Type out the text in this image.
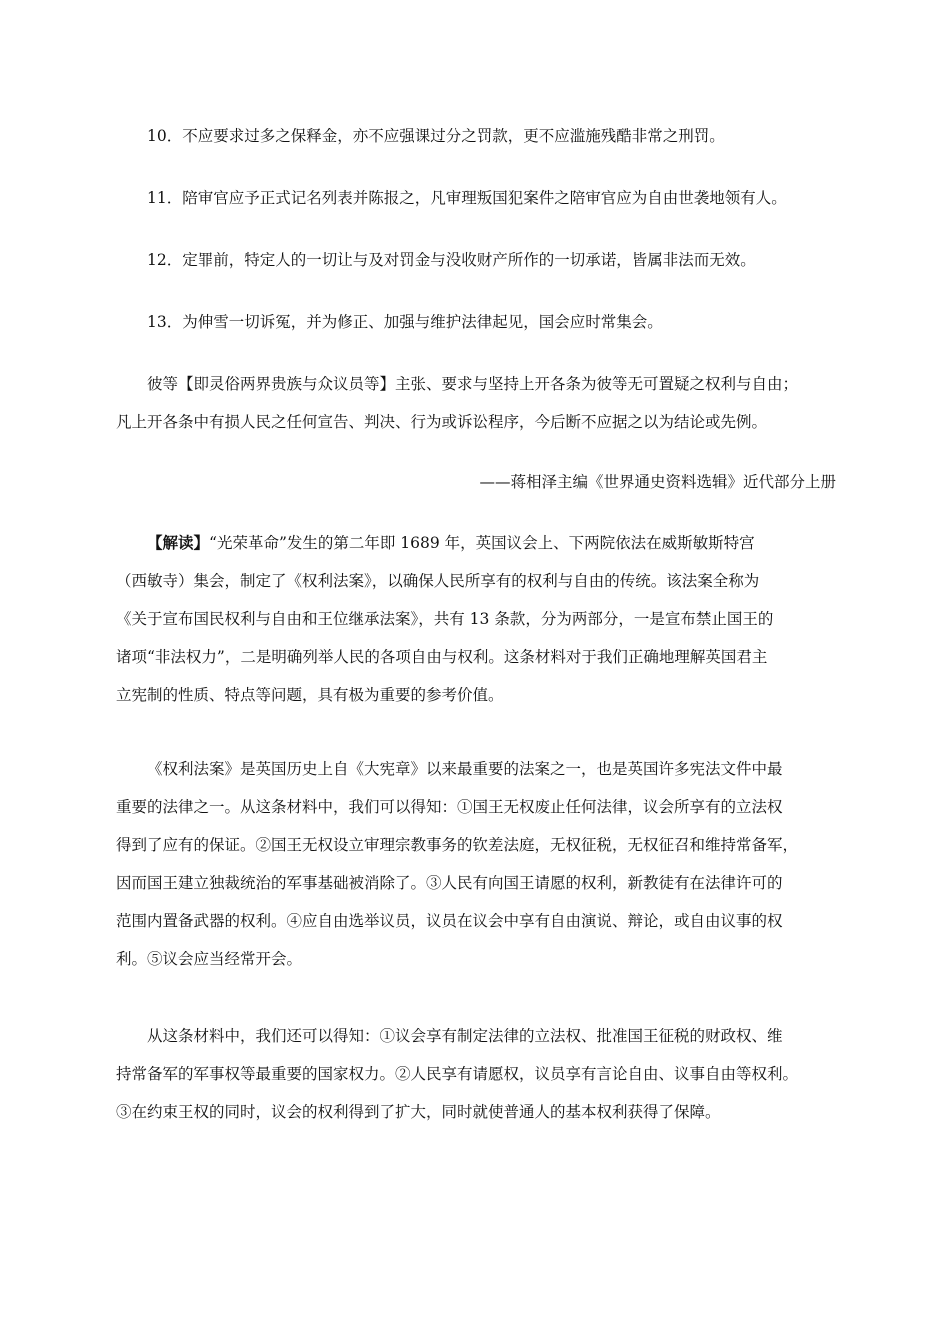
10．不应要求过多之保释金，亦不应强课过分之罚款，更不应滥施残酷非常之刑罚。

11．陪审官应予正式记名列表并陈报之，凡审理叛国犯案件之陪审官应为自由世袭地领有人。

12．定罪前，特定人的一切让与及对罚金与没收财产所作的一切承诺，皆属非法而无效。

13．为伸雪一切诉冤，并为修正、加强与维护法律起见，国会应时常集会。

彼等【即灵俗两界贵族与众议员等】主张、要求与坚持上开各条为彼等无可置疑之权利与自由；
凡上开各条中有损人民之任何宣告、判决、行为或诉讼程序，今后断不应据之以为结论或先例。

——蒋相泽主编《世界通史资料选辑》近代部分上册

【解读】“光荣革命”发生的第二年即 1689 年，英国议会上、下两院依法在威斯敏斯特宫
（西敏寺）集会，制定了《权利法案》，以确保人民所享有的权利与自由的传统。该法案全称为
《关于宣布国民权利与自由和王位继承法案》，共有 13 条款，分为两部分，一是宣布禁止国王的
诸项“非法权力”，二是明确列举人民的各项自由与权利。这条材料对于我们正确地理解英国君主
立宪制的性质、特点等问题，具有极为重要的参考价值。
《权利法案》是英国历史上自《大宪章》以来最重要的法案之一，也是英国许多宪法文件中最
重要的法律之一。从这条材料中，我们可以得知：①国王无权废止任何法律，议会所享有的立法权
得到了应有的保证。②国王无权设立审理宗教事务的钦差法庭，无权征税，无权征召和维持常备军，
因而国王建立独裁统治的军事基础被消除了。③人民有向国王请愿的权利，新教徒有在法律许可的
范围内置备武器的权利。④应自由选举议员，议员在议会中享有自由演说、辩论，或自由议事的权
利。⑤议会应当经常开会。
从这条材料中，我们还可以得知：①议会享有制定法律的立法权、批准国王征税的财政权、维
持常备军的军事权等最重要的国家权力。②人民享有请愿权，议员享有言论自由、议事自由等权利。
③在约束王权的同时，议会的权利得到了扩大，同时就使普通人的基本权利获得了保障。
